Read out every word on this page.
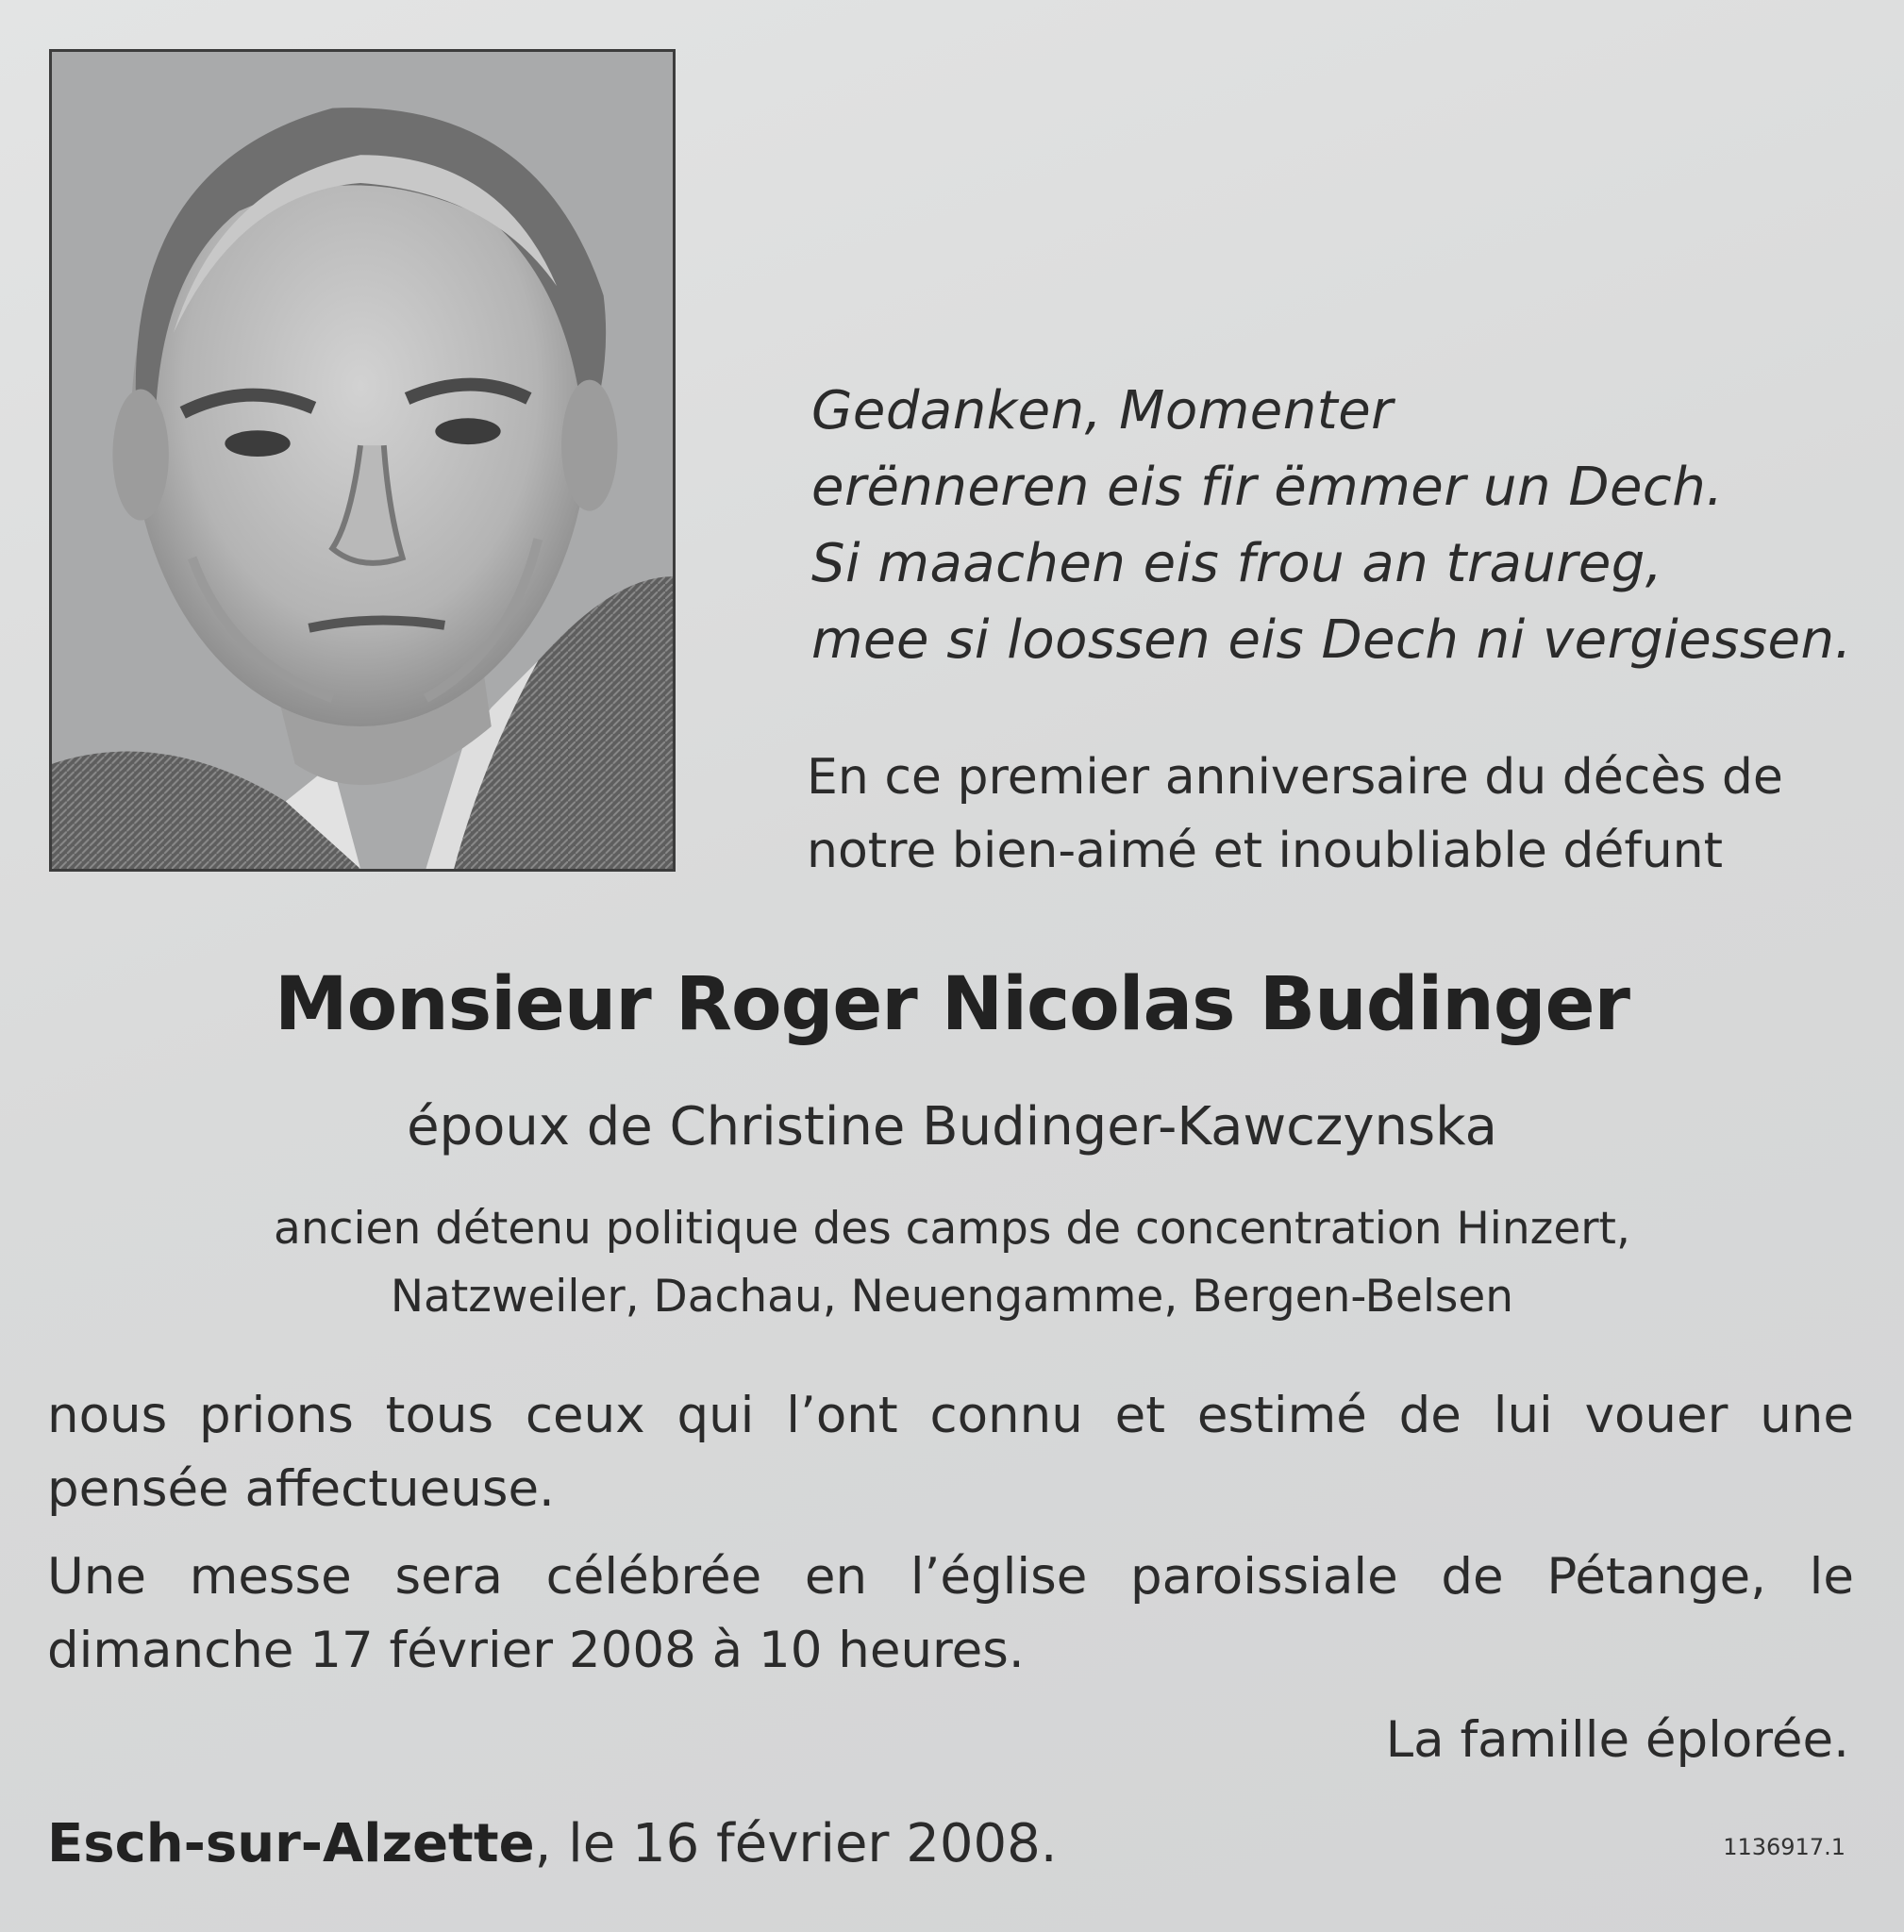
Gedanken, Momenter
erënneren eis fir ëmmer un Dech.
Si maachen eis frou an traureg,
mee si loossen eis Dech ni vergiessen.
En ce premier anniversaire du décès de
notre bien-aimé et inoubliable défunt
Monsieur Roger Nicolas Budinger
époux de Christine Budinger-Kawczynska
ancien détenu politique des camps de concentration Hinzert,
Natzweiler, Dachau, Neuengamme, Bergen-Belsen
nous prions tous ceux qui l’ont connu et estimé de lui vouer une pensée affectueuse.
Une messe sera célébrée en l’église paroissiale de Pétange, le dimanche 17 février 2008 à 10 heures.
La famille éplorée.
Esch-sur-Alzette, le 16 février 2008.	1136917.1
